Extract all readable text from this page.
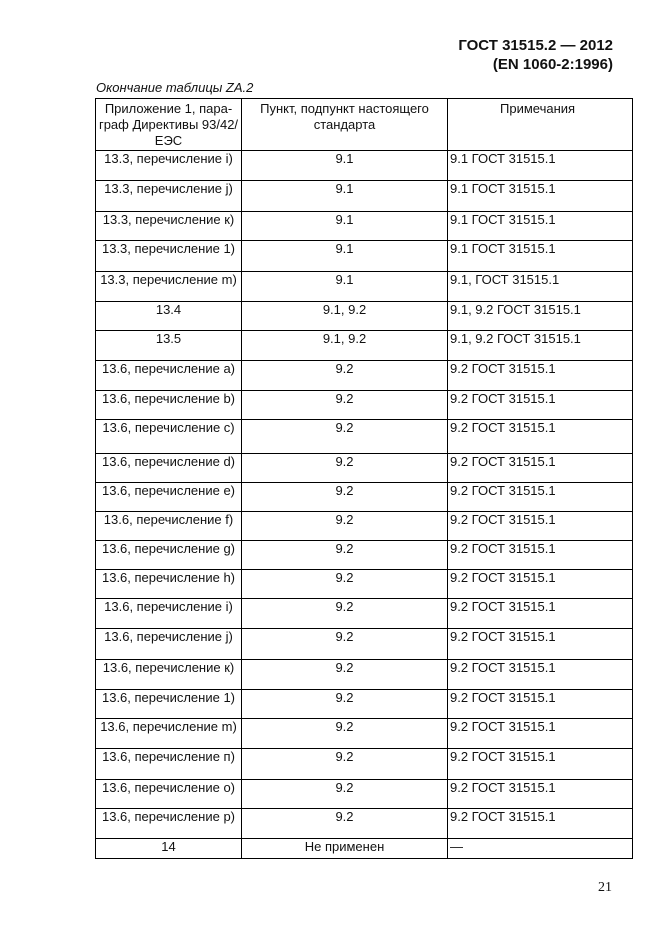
ГОСТ 31515.2 — 2012
(EN 1060-2:1996)
Окончание таблицы ZA.2
Приложение 1, пара- граф Директивы 93/42/ЕЭС	Пункт, подпункт настоящего стандарта	Примечания
13.3, перечисление i)	9.1	9.1 ГОСТ 31515.1
13.3, перечисление j)	9.1	9.1 ГОСТ 31515.1
13.3, перечисление к)	9.1	9.1 ГОСТ 31515.1
13.3, перечисление 1)	9.1	9.1 ГОСТ 31515.1
13.3, перечисление m)	9.1	9.1, ГОСТ 31515.1
13.4	9.1, 9.2	9.1, 9.2 ГОСТ 31515.1
13.5	9.1, 9.2	9.1, 9.2 ГОСТ 31515.1
13.6, перечисление а)	9.2	9.2 ГОСТ 31515.1
13.6, перечисление b)	9.2	9.2 ГОСТ 31515.1
13.6, перечисление с)	9.2	9.2 ГОСТ 31515.1
13.6, перечисление d)	9.2	9.2 ГОСТ 31515.1
13.6, перечисление е)	9.2	9.2 ГОСТ 31515.1
13.6, перечисление f)	9.2	9.2 ГОСТ 31515.1
13.6, перечисление g)	9.2	9.2 ГОСТ 31515.1
13.6, перечисление h)	9.2	9.2 ГОСТ 31515.1
13.6, перечисление i)	9.2	9.2 ГОСТ 31515.1
13.6, перечисление j)	9.2	9.2 ГОСТ 31515.1
13.6, перечисление к)	9.2	9.2 ГОСТ 31515.1
13.6, перечисление 1)	9.2	9.2 ГОСТ 31515.1
13.6, перечисление m)	9.2	9.2 ГОСТ 31515.1
13.6, перечисление п)	9.2	9.2 ГОСТ 31515.1
13.6, перечисление о)	9.2	9.2 ГОСТ 31515.1
13.6, перечисление р)	9.2	9.2 ГОСТ 31515.1
14	Не применен	—
21
